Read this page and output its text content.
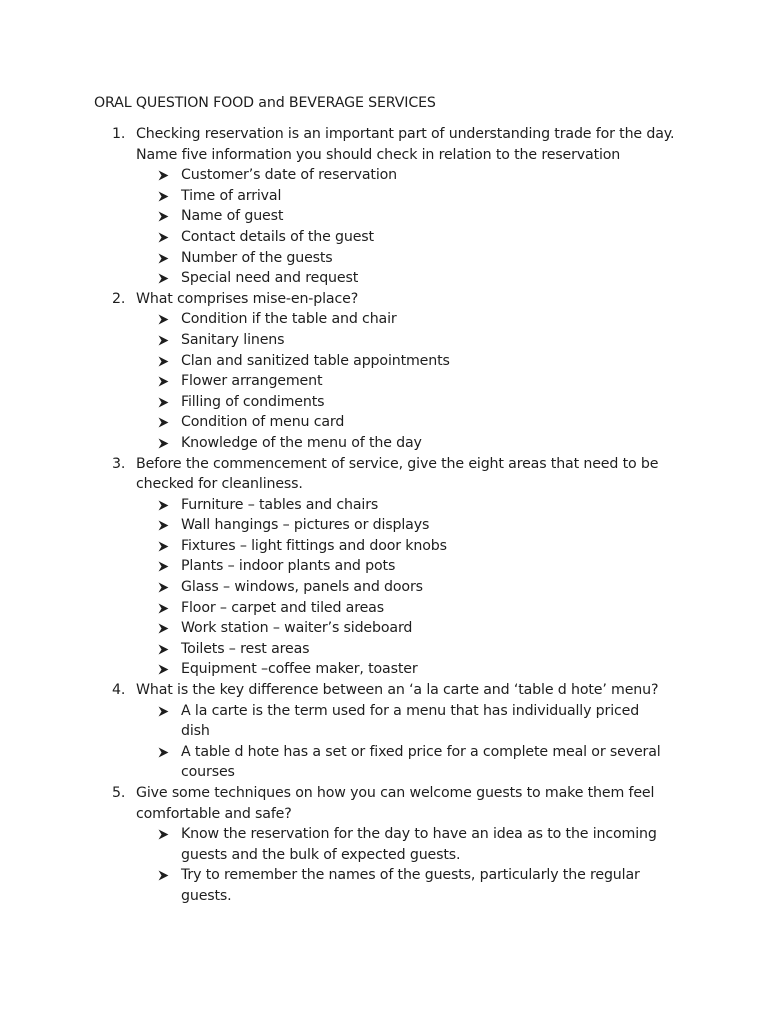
ORAL QUESTION FOOD and BEVERAGE SERVICES
1. Checking reservation is an important part of understanding trade for the day. Name five information you should check in relation to the reservation
Customer’s date of reservation
Time of arrival
Name of guest
Contact details of the guest
Number of the guests
Special need and request
2. What comprises mise-en-place?
Condition if the table and chair
Sanitary linens
Clan and sanitized table appointments
Flower arrangement
Filling of condiments
Condition of menu card
Knowledge of the menu of the day
3. Before the commencement of service, give the eight areas that need to be checked for cleanliness.
Furniture – tables and chairs
Wall hangings – pictures or displays
Fixtures – light fittings and door knobs
Plants – indoor plants and pots
Glass – windows, panels and doors
Floor – carpet and tiled areas
Work station – waiter’s sideboard
Toilets – rest areas
Equipment –coffee maker, toaster
4. What is the key difference between an ‘a la carte and ‘table d hote’ menu?
A la carte is the term used for a menu that has individually priced dish
A table d hote has a set or fixed price for a complete meal or several courses
5. Give some techniques on how you can welcome guests to make them feel comfortable and safe?
Know the reservation for the day to have an idea as to the incoming guests and the bulk of expected guests.
Try to remember the names of the guests, particularly the regular guests.
